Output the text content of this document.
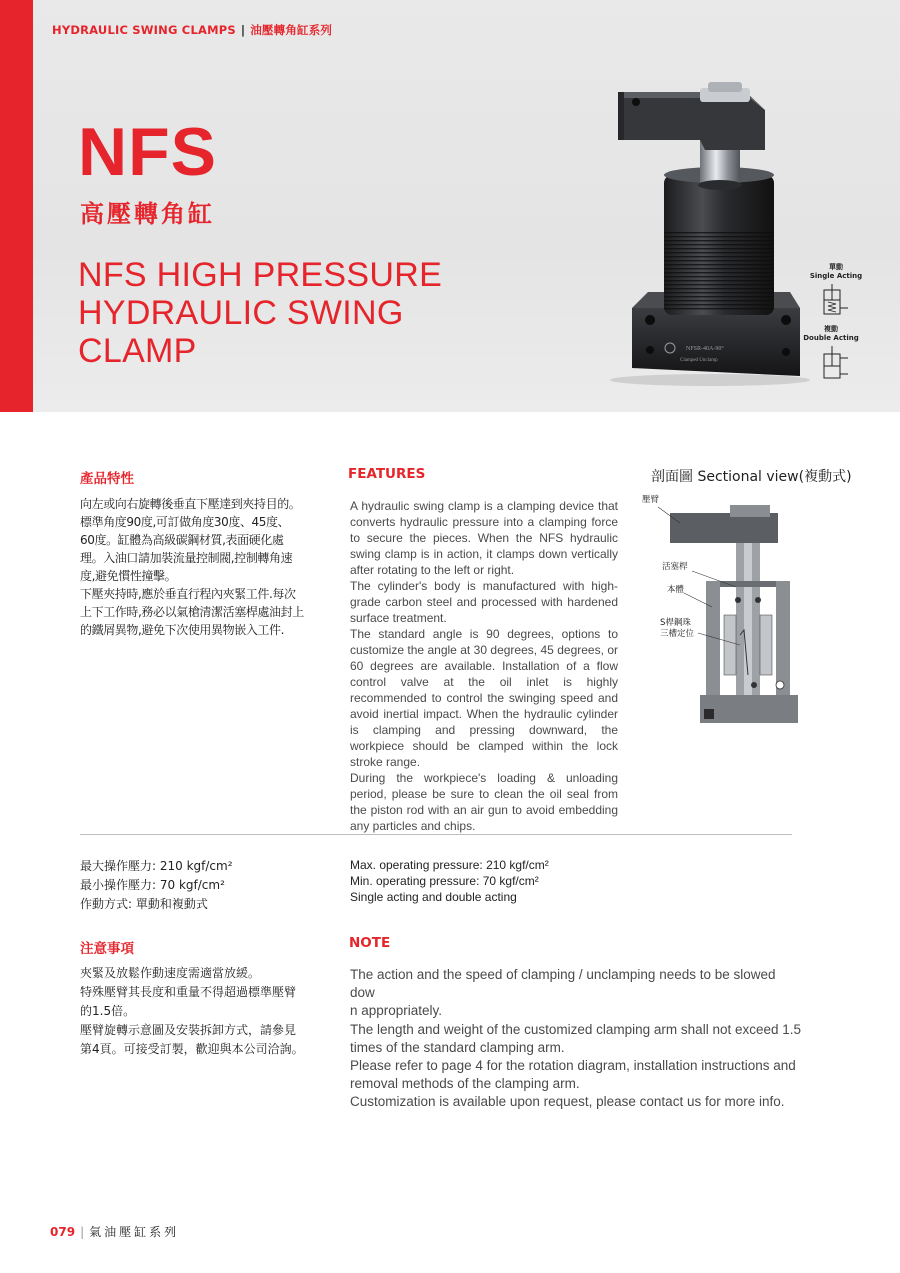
HYDRAULIC SWING CLAMPS | 油壓轉角缸系列
NFS
高壓轉角缸
NFS HIGH PRESSURE
HYDRAULIC SWING
CLAMP	NFSR-40A-90°
Clamped Unclamp
單動
Single Acting
複動
Double Acting
產品特性
向左或向右旋轉後垂直下壓達到夾持目的。
標準角度90度,可訂做角度30度、45度、
60度。缸體為高級碳鋼材質,表面硬化處
理。入油口請加裝流量控制閥,控制轉角速
度,避免慣性撞擊。
下壓夾持時,應於垂直行程內夾緊工件.每次
上下工作時,務必以氣槍清潔活塞桿處油封上
的鐵屑異物,避免下次使用異物嵌入工件.
FEATURES

A hydraulic swing clamp is a clamping device that converts hydraulic pressure into a clamping force to secure the pieces. When the NFS hydraulic swing clamp is in action, it clamps down vertically after rotating to the left or right.

The cylinder's body is manufactured with high-grade carbon steel and processed with hardened surface treatment.

The standard angle is 90 degrees, options to customize the angle at 30 degrees, 45 degrees, or 60 degrees are available. Installation of a flow control valve at the oil inlet is highly recommended to control the swinging speed and avoid inertial impact. When the hydraulic cylinder is clamping and pressing downward, the workpiece should be clamped within the lock stroke range.

During the workpiece's loading & unloading period, please be sure to clean the oil seal from the piston rod with an air gun to avoid embedding any particles and chips.

剖面圖 Sectional view(複動式)
壓臂
活塞桿
本體
S桿鋼珠
三槽定位
最大操作壓力: 210 kgf/cm²
最小操作壓力: 70 kgf/cm²
作動方式: 單動和複動式
Max. operating pressure: 210 kgf/cm²
Min. operating pressure: 70 kgf/cm²
Single acting and double acting
注意事項	NOTE

夾緊及放鬆作動速度需適當放緩。

特殊壓臂其長度和重量不得超過標準壓臂

的1.5倍。

壓臂旋轉示意圖及安裝拆卸方式，請參見

第4頁。可接受訂製，歡迎與本公司洽詢。

The action and the speed of clamping / unclamping needs to be slowed dow

n appropriately.

The length and weight of the customized clamping arm shall not exceed 1.5

times of the standard clamping arm.

Please refer to page 4 for the rotation diagram, installation instructions and

removal methods of the clamping arm.

Customization is available upon request, please contact us for more info.

079 | 氣油壓缸系列
